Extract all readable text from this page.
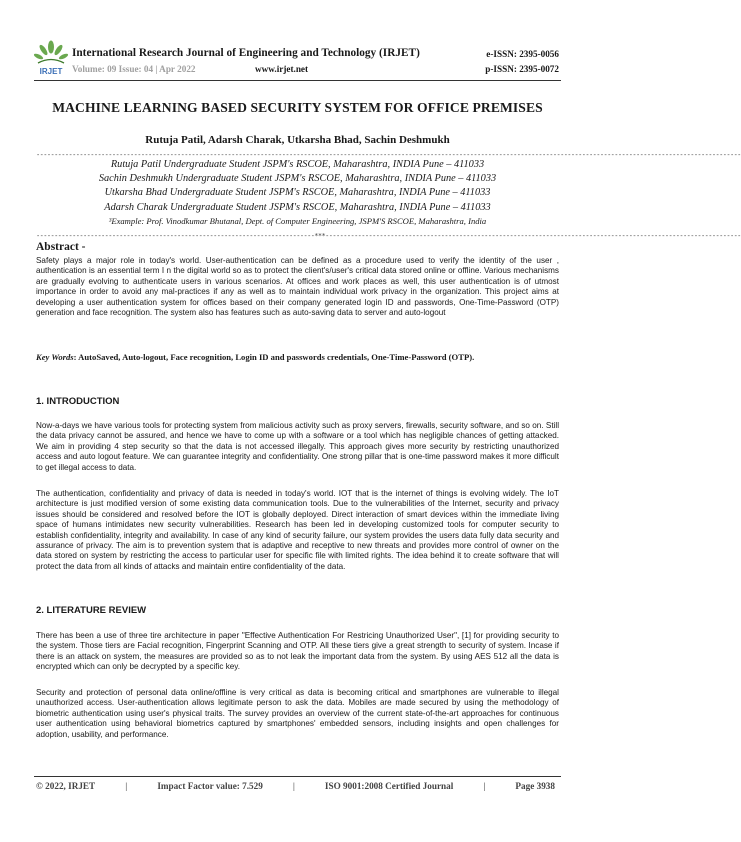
IRJET
International Research Journal of Engineering and Technology (IRJET)
Volume: 09 Issue: 04 | Apr 2022	www.irjet.net
e-ISSN: 2395-0056
p-ISSN: 2395-0072
MACHINE LEARNING BASED SECURITY SYSTEM FOR OFFICE PREMISES
Rutuja Patil, Adarsh Charak, Utkarsha Bhad, Sachin Deshmukh
---------------------------------------------------------------------------------------------------------------------------------------------------------------------------------------------------
Rutuja Patil Undergraduate Student JSPM's RSCOE, Maharashtra, INDIA Pune – 411033
Sachin Deshmukh Undergraduate Student JSPM's RSCOE, Maharashtra, INDIA Pune – 411033
Utkarsha Bhad Undergraduate Student JSPM's RSCOE, Maharashtra, INDIA Pune – 411033
Adarsh Charak Undergraduate Student JSPM's RSCOE, Maharashtra, INDIA Pune – 411033
³Example: Prof. Vinodkumar Bhutanal, Dept. of Computer Engineering, JSPM'S RSCOE, Maharashtra, India
-----------------------------------------------------------------------------***-------------------------------------------------------------------------------------------------------------------
Abstract -
Safety plays a major role in today's world. User-authentication can be defined as a procedure used to verify the identity of the user , authentication is an essential term I n the digital world so as to protect the client's/user's critical data stored online or offline. Various mechanisms are gradually evolving to authenticate users in various scenarios. At offices and work places as well, this user authentication is of utmost importance in order to avoid any mal-practices if any as well as to maintain individual work privacy in the organization. This project aims at developing a user authentication system for offices based on their company generated login ID and passwords, One-Time-Password (OTP) generation and face recognition. The system also has features such as auto-saving data to server and auto-logout
Key Words: AutoSaved, Auto-logout, Face recognition, Login ID and passwords credentials, One-Time-Password (OTP).
1. INTRODUCTION
Now-a-days we have various tools for protecting system from malicious activity such as proxy servers, firewalls, security software, and so on. Still the data privacy cannot be assured, and hence we have to come up with a software or a tool which has negligible chances of getting attacked. We aim in providing 4 step security so that the data is not accessed illegally. This approach gives more security by restricting unauthorized access and auto logout feature. We can guarantee integrity and confidentiality. One strong pillar that is one-time password makes it more difficult to get illegal access to data.
The authentication, confidentiality and privacy of data is needed in today's world. IOT that is the internet of things is evolving widely. The IoT architecture is just modified version of some existing data communication tools. Due to the vulnerabilities of the Internet, security and privacy issues should be considered and resolved before the IOT is globally deployed. Direct interaction of smart devices within the immediate living space of humans intimidates new security vulnerabilities. Research has been led in developing customized tools for computer security to establish confidentiality, integrity and availability. In case of any kind of security failure, our system provides the users data fully data security and assurance of privacy. The aim is to prevention system that is adaptive and receptive to new threats and provides more control of owner on the data stored on system by restricting the access to particular user for specific file with limited rights. The idea behind it to create software that will protect the data from all kinds of attacks and maintain entire confidentiality of the data.
2. LITERATURE REVIEW
There has been a use of three tire architecture in paper "Effective Authentication For Restricing Unauthorized User", [1] for providing security to the system. Those tiers are Facial recognition, Fingerprint Scanning and OTP. All these tiers give a great strength to security of system. Incase if there is an attack on system, the measures are provided so as to not leak the important data from the system. By using AES 512 all the data is encrypted which can only be decrypted by a specific key.
Security and protection of personal data online/offline is very critical as data is becoming critical and smartphones are vulnerable to illegal unauthorized access. User-authentication allows legitimate person to ask the data. Mobiles are made secured by using the methodology of biometric authentication using user's physical traits. The survey provides an overview of the current state-of-the-art approaches for continuous user authentication using behavioral biometrics captured by smartphones' embedded sensors, including insights and open challenges for adoption, usability, and performance.
© 2022, IRJET	|	Impact Factor value: 7.529	|	ISO 9001:2008 Certified Journal	|	Page 3938
